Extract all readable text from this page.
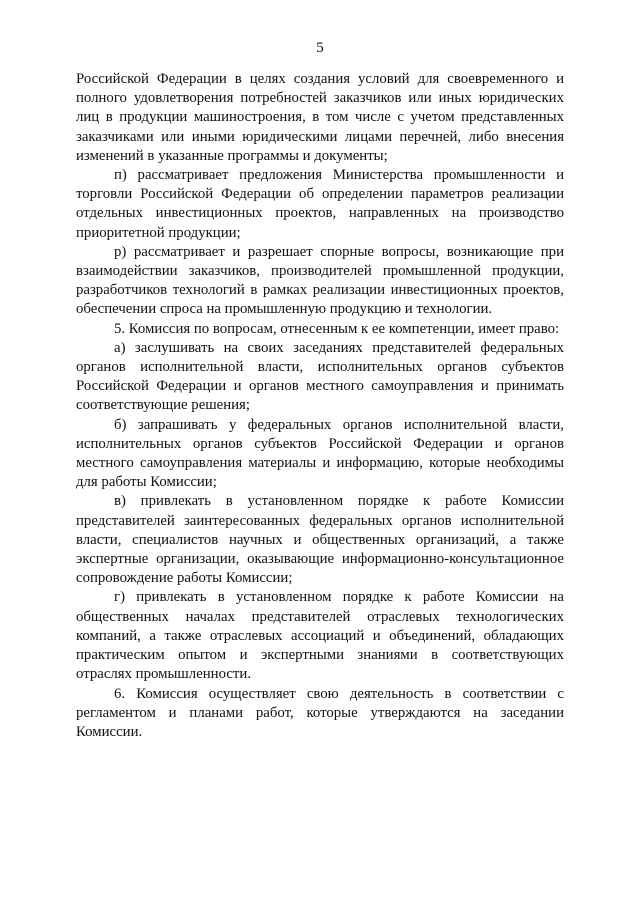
5

Российской Федерации в целях создания условий для своевременного и полного удовлетворения потребностей заказчиков или иных юридических лиц в продукции машиностроения, в том числе с учетом представленных заказчиками или иными юридическими лицами перечней, либо внесения изменений в указанные программы и документы;

п) рассматривает предложения Министерства промышленности и торговли Российской Федерации об определении параметров реализации отдельных инвестиционных проектов, направленных на производство приоритетной продукции;

р) рассматривает и разрешает спорные вопросы, возникающие при взаимодействии заказчиков, производителей промышленной продукции, разработчиков технологий в рамках реализации инвестиционных проектов, обеспечении спроса на промышленную продукцию и технологии.

5. Комиссия по вопросам, отнесенным к ее компетенции, имеет право:

а) заслушивать на своих заседаниях представителей федеральных органов исполнительной власти, исполнительных органов субъектов Российской Федерации и органов местного самоуправления и принимать соответствующие решения;

б) запрашивать у федеральных органов исполнительной власти, исполнительных органов субъектов Российской Федерации и органов местного самоуправления материалы и информацию, которые необходимы для работы Комиссии;

в) привлекать в установленном порядке к работе Комиссии представителей заинтересованных федеральных органов исполнительной власти, специалистов научных и общественных организаций, а также экспертные организации, оказывающие информационно-консультационное сопровождение работы Комиссии;

г) привлекать в установленном порядке к работе Комиссии на общественных началах представителей отраслевых технологических компаний, а также отраслевых ассоциаций и объединений, обладающих практическим опытом и экспертными знаниями в соответствующих отраслях промышленности.

6. Комиссия осуществляет свою деятельность в соответствии с регламентом и планами работ, которые утверждаются на заседании Комиссии.
